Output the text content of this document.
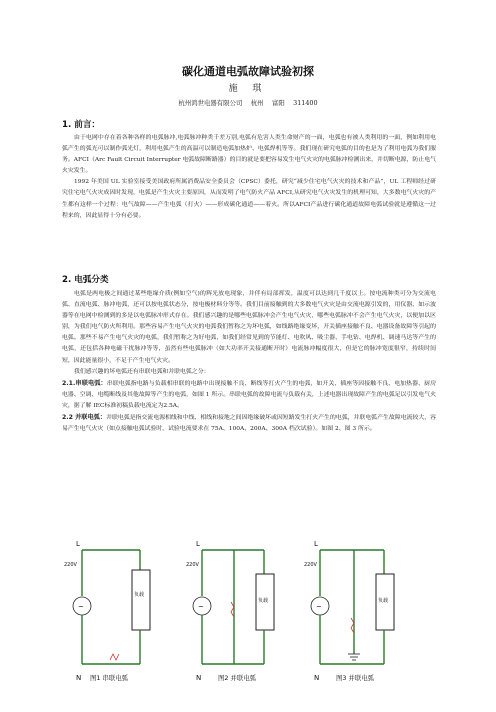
碳化通道电弧故障试验初探
施 琪
杭州鸿世电器有限公司　 杭州　 富阳　 311400
1. 前言：

由于电网中存在着各种各样的电弧脉冲,电弧脉冲种类千差万别,电弧有危害人类生命财产的一面，电弧也有被人类利用的一面，例如利用电弧产生的弧光可以制作弧光灯，利用电弧产生的高温可以制造电弧加热炉、电弧焊机等等。我们现在研究电弧的目的也是为了利用电弧为我们服务。AFCI（Arc Fault Circuit Interrupter 电弧故障断路器）的目的就是要把容易发生电气火灾的电弧脉冲检测出来，并切断电源，防止电气火灾发生。

1992 年美国 UL 实验室接受美国政府所属消费品安全委员会（CPSC）委托，研究“减少住宅电气火灾的技术和产品”，UL 工程师经过研究住宅电气火灾成因时发现，电弧是产生火灾主要原因，从而发明了电气防火产品 AFCI,从研究电气火灾发生的机理可知，大多数电气火灾的产生都有这样一个过程：电气故障——产生电弧（打火）——形成碳化通道——着火。所以AFCI产品进行碳化通道故障电弧试验就是遵循这一过程来的，因此显得十分有必要。

2. 电弧分类

电弧是两电极之间通过某些绝缘介质(例如空气)的辉光放电现象，并伴有局部挥发，温度可以达到几千度以上。按电流种类可分为交流电弧、直流电弧、脉冲电弧，还可以按电弧状态分，按电极材料分等等。我们目前接触到的大多数电气火灾是由交流电源引发的，用仪器、如示波器等在电网中检测到的多是以电弧脉冲形式存在。我们感兴趣的是哪些电弧脉冲会产生电气火灾，哪些电弧脉冲不会产生电气火灾，以便加以区别，为我们电气防火所利用。那些容易产生电气火灾的电弧我们暂称之为坏电弧，如线路绝缘变坏，开关插座接触不良、电器设备故障等引起的电弧。那些不易产生电气火灾的电弧，我们暂称之为好电弧，如我们经常见到的节能灯、电吹风、吸尘器、手电钻、电焊机、调速马达等产生的电弧，还包括各种电磁干扰脉冲等等，虽然有些电弧脉冲（如大功率开关接通断开时）电流脉冲幅度很大，但是它的脉冲宽度很窄，持续时间短，因此能量很小，不足于产生电气火灾。

我们感兴趣的坏电弧还有串联电弧和并联电弧之分：

2.1.串联电弧：串联电弧指电路与负载相串联的电路中出现接触不良、断线等打火产生的电弧，如开关、插座等因接触不良、电加热器、厨房电器、空调、电缆断线及其他故障等产生的电弧，如图 1 所示。串联电弧的故障电流与负载有关，上述电器出现故障产生的电弧足以引发电气火灾，据了解 IEC标准初稿负载电流定为2.5A。

2.2 并联电弧：并联电弧是指交流电源相线和中线、相线和接地之间因绝缘破坏或因短路发生打火产生的电弧，并联电弧产生故障电流较大，容易产生电气火灾（如点接触电弧试验时，试验电流要求在 75A、100A、200A、300A 档次试验）。如图 2、图 3 所示。

L
220V
~
负载
N 图1 串联电弧
L
220V
~
负载
N	图2 并联电弧
L
220V
~
负载
N	图3 并联电弧
